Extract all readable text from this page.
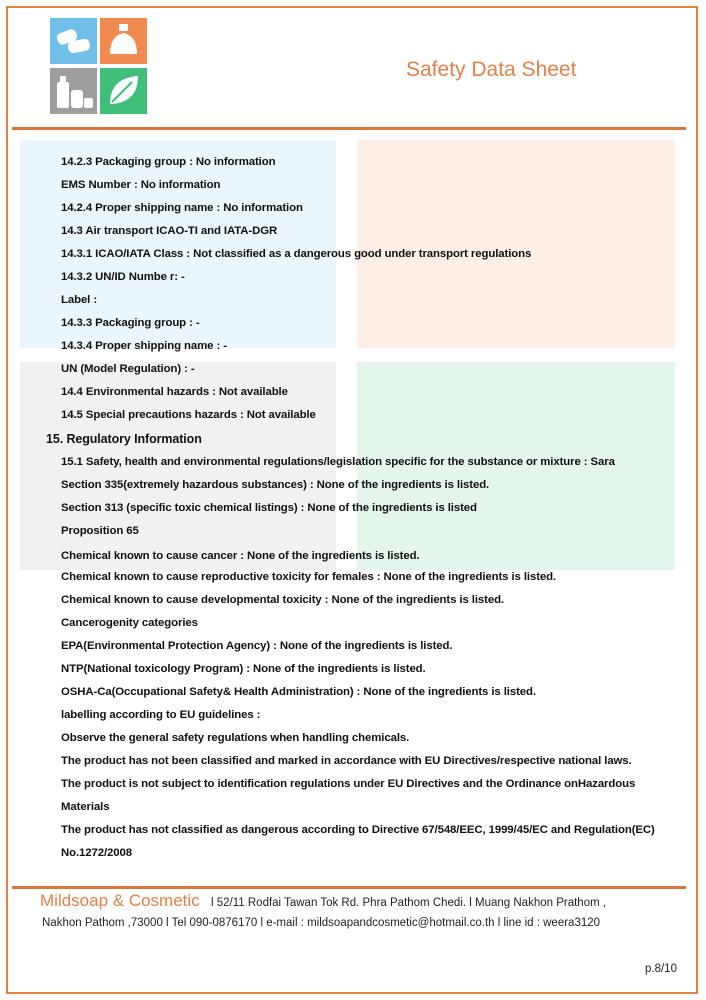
Safety Data Sheet
14.2.3 Packaging group : No information
EMS Number : No information
14.2.4 Proper shipping name : No information
14.3 Air transport ICAO-TI and IATA-DGR
14.3.1 ICAO/IATA Class : Not classified as a dangerous good under transport regulations
14.3.2 UN/ID Numbe r: -
Label :
14.3.3 Packaging group : -
14.3.4 Proper shipping name : -
UN (Model Regulation) : -
14.4 Environmental hazards : Not available
14.5 Special precautions hazards : Not available
15. Regulatory Information
15.1 Safety, health and environmental regulations/legislation specific for the substance or mixture : Sara
Section 335(extremely hazardous substances) : None of the ingredients is listed.
Section 313 (specific toxic chemical listings) : None of the ingredients is listed
Proposition 65
Chemical known to cause cancer : None of the ingredients is listed.
Chemical known to cause reproductive toxicity for females : None of the ingredients is listed.
Chemical known to cause developmental toxicity : None of the ingredients is listed.
Cancerogenity categories
EPA(Environmental Protection Agency) : None of the ingredients is listed.
NTP(National toxicology Program) : None of the ingredients is listed.
OSHA-Ca(Occupational Safety& Health Administration) : None of the ingredients is listed.
labelling according to EU guidelines :
Observe the general safety regulations when handling chemicals.
The product has not been classified and marked in accordance with EU Directives/respective national laws.
The product is not subject to identification regulations under EU Directives and the Ordinance onHazardous
Materials
The product has not classified as dangerous according to Directive 67/548/EEC, 1999/45/EC and Regulation(EC)
No.1272/2008
Mildsoap & Cosmetic l 52/11 Rodfai Tawan Tok Rd. Phra Pathom Chedi. l Muang Nakhon Prathom ,
Nakhon Pathom ,73000 l Tel 090-0876170 l e-mail : mildsoapandcosmetic@hotmail.co.th l line id : weera3120
p.8/10
